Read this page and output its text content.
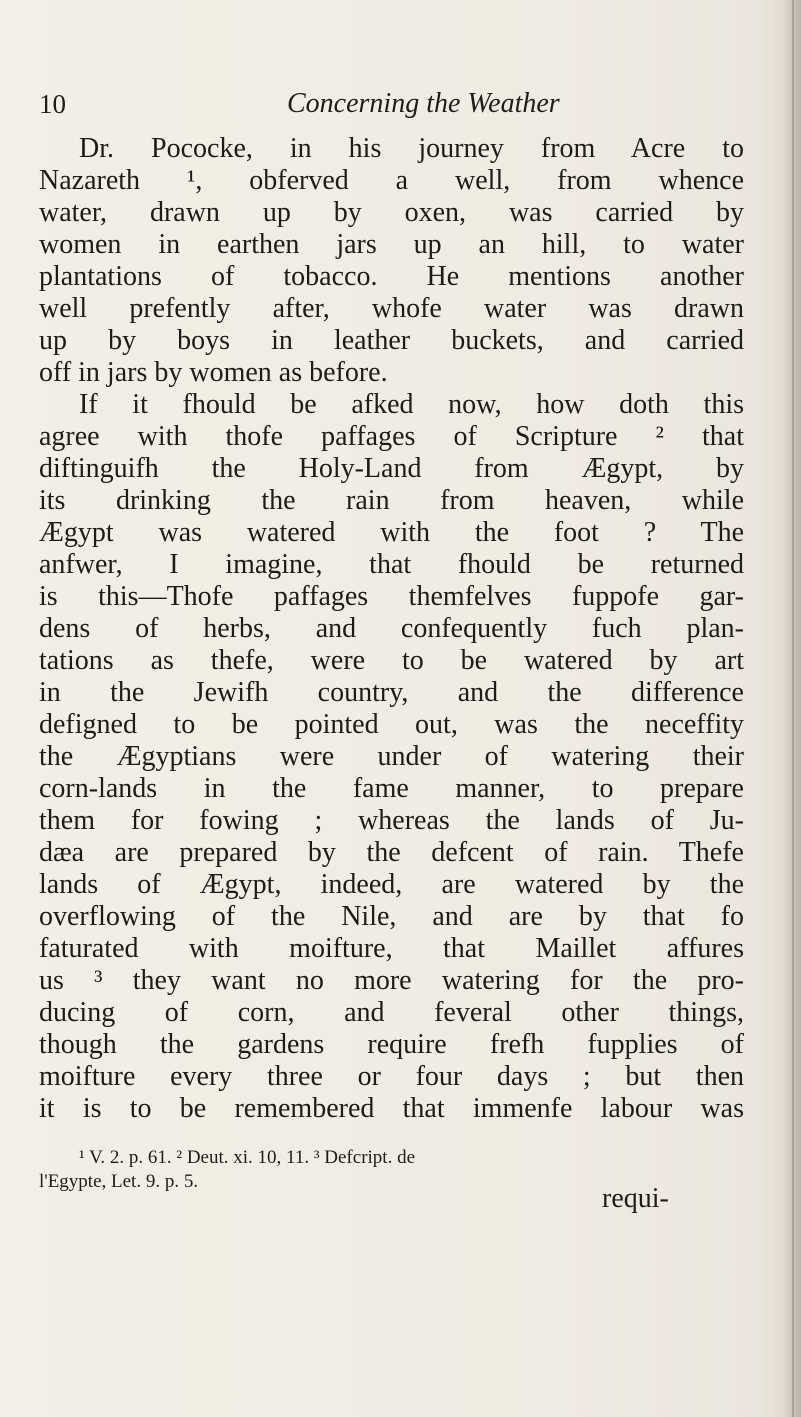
10	Concerning the Weather
Dr. Pococke, in his journey from Acre to
Nazareth ¹, obferved a well, from whence
water, drawn up by oxen, was carried by
women in earthen jars up an hill, to water
plantations of tobacco. He mentions another
well prefently after, whofe water was drawn
up by boys in leather buckets, and carried
off in jars by women as before.
If it fhould be afked now, how doth this
agree with thofe paffages of Scripture ² that
diftinguifh the Holy-Land from Ægypt, by
its drinking the rain from heaven, while
Ægypt was watered with the foot ? The
anfwer, I imagine, that fhould be returned
is this—Thofe paffages themfelves fuppofe gar-
dens of herbs, and confequently fuch plan-
tations as thefe, were to be watered by art
in the Jewifh country, and the difference
defigned to be pointed out, was the neceffity
the Ægyptians were under of watering their
corn-lands in the fame manner, to prepare
them for fowing ; whereas the lands of Ju-
dæa are prepared by the defcent of rain. Thefe
lands of Ægypt, indeed, are watered by the
overflowing of the Nile, and are by that fo
faturated with moifture, that Maillet affures
us ³ they want no more watering for the pro-
ducing of corn, and feveral other things,
though the gardens require frefh fupplies of
moifture every three or four days ; but then
it is to be remembered that immenfe labour was
¹ V. 2. p. 61. ² Deut. xi. 10, 11. ³ Defcript. de
l'Egypte, Let. 9. p. 5.
requi-
